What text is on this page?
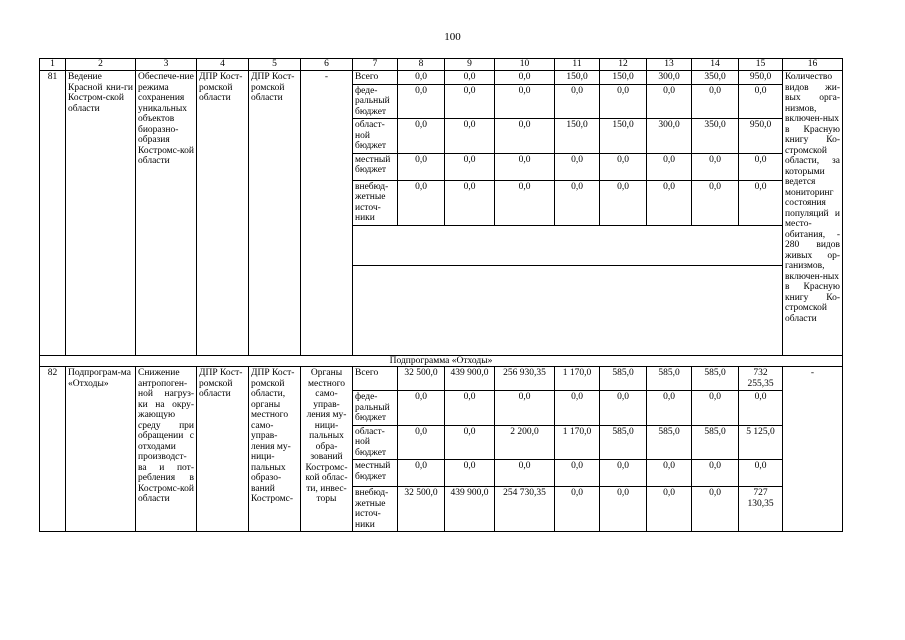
100
1	2	3	4	5	6	7	8	9	10	11	12	13	14	15	16
81	Ведение Красной кни-ги Костром-ской области	Обеспече-ние режима сохранения уникальных объектов биоразно-образия Костромс-кой области	ДПР Кост-ромской области	ДПР Кост-ромской области	-	Всего	0,0	0,0	0,0	150,0	150,0	300,0	350,0	950,0	Количество видов жи-вых орга-низмов, включен-ных в Красную книгу Ко-стромской области, за которыми ведется мониторинг состояния популяций и место-обитания, - 280 видов живых ор-ганизмов, включен-ных в Красную книгу Ко-стромской области
						феде-ральный бюджет	0,0	0,0	0,0	0,0	0,0	0,0	0,0	0,0	
						област-ной бюджет	0,0	0,0	0,0	150,0	150,0	300,0	350,0	950,0	
						местный бюджет	0,0	0,0	0,0	0,0	0,0	0,0	0,0	0,0	
						внебюд-жетные источ-ники	0,0	0,0	0,0	0,0	0,0	0,0	0,0	0,0	

Подпрограмма «Отходы»															
82	Подпрограм-ма «Отходы»	Снижение антропоген-ной нагруз-ки на окру-жающую среду при обращении с отходами производст-ва и пот-ребления в Костромс-кой области	ДПР Кост-ромской области	ДПР Кост-ромской области, органы местного само-управ-ления му-ници-пальных образо-ваний Костромс-	Органы местного само-управ-ления му-ници-пальных обра-зований Костромс-кой облас-ти, инвес-торы	Всего	32 500,0	439 900,0	256 930,35	1 170,0	585,0	585,0	585,0	732 255,35	-
						феде-ральный бюджет	0,0	0,0	0,0	0,0	0,0	0,0	0,0	0,0	
						област-ной бюджет	0,0	0,0	2 200,0	1 170,0	585,0	585,0	585,0	5 125,0	
						местный бюджет	0,0	0,0	0,0	0,0	0,0	0,0	0,0	0,0	
						внебюд-жетные источ-ники	32 500,0	439 900,0	254 730,35	0,0	0,0	0,0	0,0	727 130,35	
